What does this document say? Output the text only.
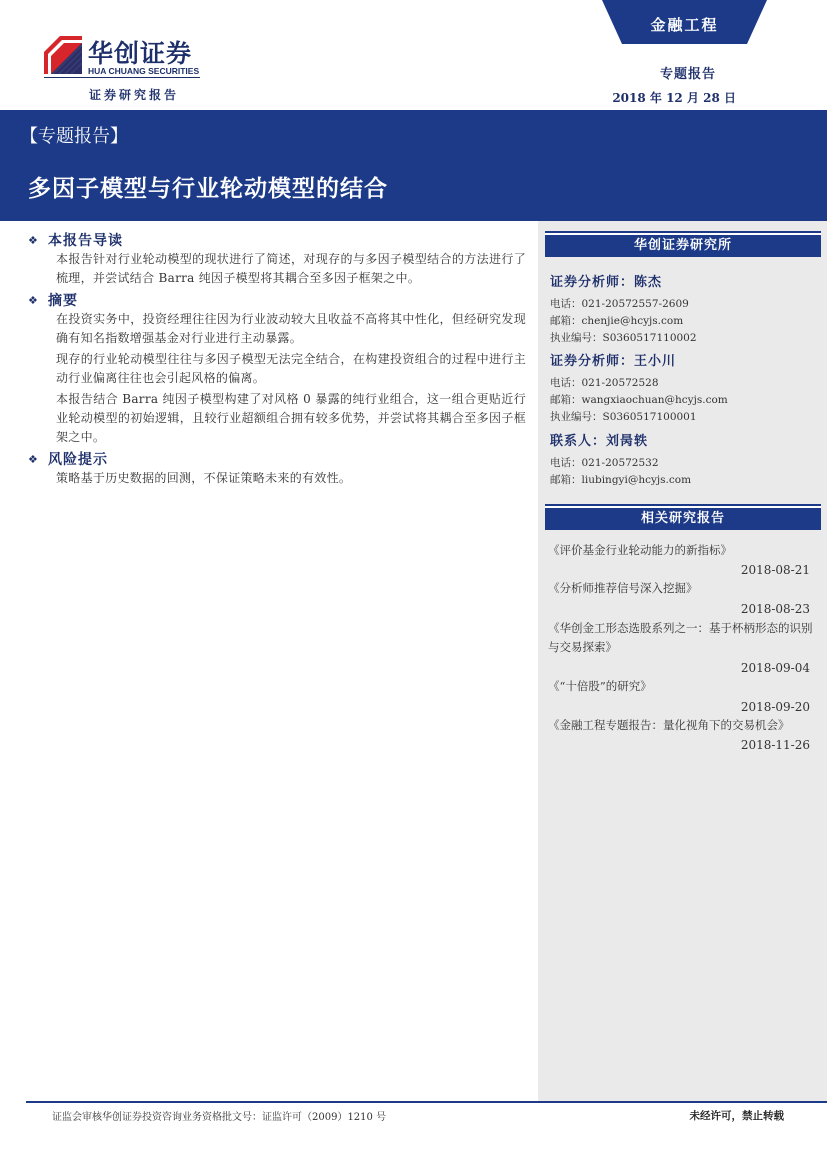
华创证券
HUA CHUANG SECURITIES
证券研究报告
金融工程
专题报告
2018 年 12 月 28 日
【专题报告】
多因子模型与行业轮动模型的结合
❖ 本报告导读

本报告针对行业轮动模型的现状进行了简述，对现存的与多因子模型结合的方法进行了梳理，并尝试结合 Barra 纯因子模型将其耦合至多因子框架之中。

❖ 摘要

在投资实务中，投资经理往往因为行业波动较大且收益不高将其中性化，但经研究发现确有知名指数增强基金对行业进行主动暴露。

现存的行业轮动模型往往与多因子模型无法完全结合，在构建投资组合的过程中进行主动行业偏离往往也会引起风格的偏离。

本报告结合 Barra 纯因子模型构建了对风格 0 暴露的纯行业组合，这一组合更贴近行业轮动模型的初始逻辑，且较行业超额组合拥有较多优势，并尝试将其耦合至多因子框架之中。

❖ 风险提示

策略基于历史数据的回测，不保证策略未来的有效性。

华创证券研究所
证券分析师：陈杰
电话：021-20572557-2609
邮箱：chenjie@hcyjs.com
执业编号：S0360517110002
证券分析师：王小川
电话：021-20572528
邮箱：wangxiaochuan@hcyjs.com
执业编号：S0360517100001
联系人：刘昺轶
电话：021-20572532
邮箱：liubingyi@hcyjs.com
相关研究报告
《评价基金行业轮动能力的新指标》
2018-08-21
《分析师推荐信号深入挖掘》
2018-08-23
《华创金工形态选股系列之一：基于杯柄形态的识别与交易探索》
2018-09-04
《“十倍股”的研究》
2018-09-20
《金融工程专题报告：量化视角下的交易机会》
2018-11-26
证监会审核华创证券投资咨询业务资格批文号：证监许可（2009）1210 号	未经许可，禁止转载
